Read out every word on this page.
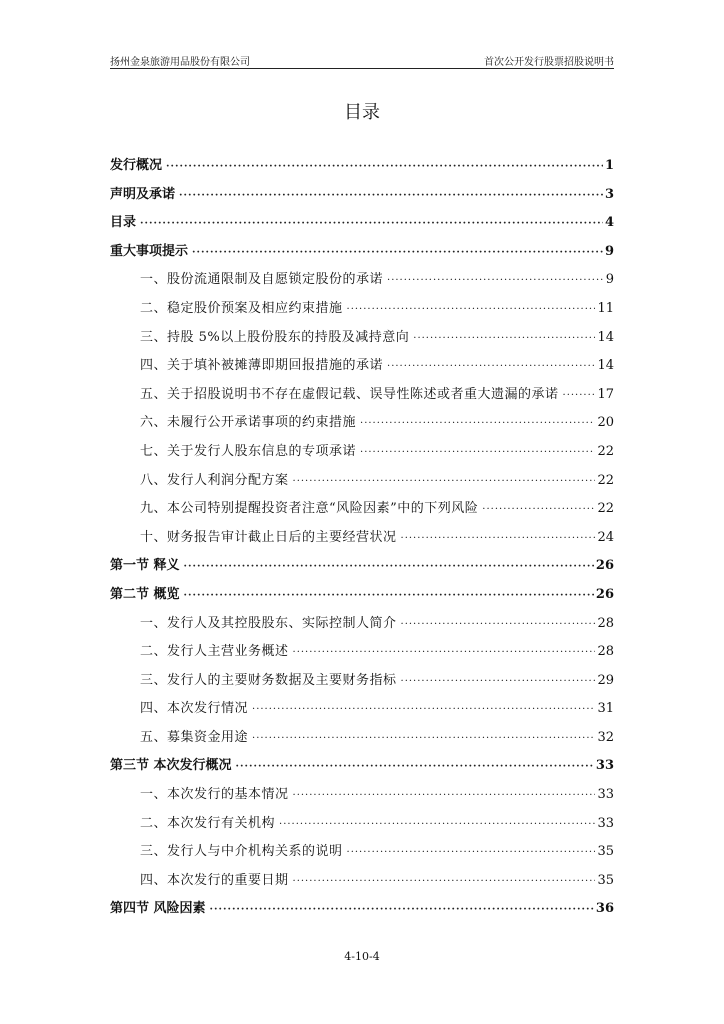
扬州金泉旅游用品股份有限公司	首次公开发行股票招股说明书
目录
发行概况 ·····	1
声明及承诺 ·····	3
目录 ·····	4
重大事项提示 ·····	9
一、股份流通限制及自愿锁定股份的承诺 ·····	9
二、稳定股价预案及相应约束措施 ·····	11
三、持股 5%以上股份股东的持股及减持意向 ·····	14
四、关于填补被摊薄即期回报措施的承诺 ·····	14
五、关于招股说明书不存在虚假记载、误导性陈述或者重大遗漏的承诺 ·····	17
六、未履行公开承诺事项的约束措施 ·····	20
七、关于发行人股东信息的专项承诺 ·····	22
八、发行人利润分配方案 ·····	22
九、本公司特别提醒投资者注意“风险因素”中的下列风险 ·····	22
十、财务报告审计截止日后的主要经营状况 ·····	24
第一节 释义 ·····	26
第二节 概览 ·····	26
一、发行人及其控股股东、实际控制人简介 ·····	28
二、发行人主营业务概述 ·····	28
三、发行人的主要财务数据及主要财务指标 ·····	29
四、本次发行情况 ·····	31
五、募集资金用途 ·····	32
第三节 本次发行概况 ·····	33
一、本次发行的基本情况 ·····	33
二、本次发行有关机构 ·····	33
三、发行人与中介机构关系的说明 ·····	35
四、本次发行的重要日期 ·····	35
第四节 风险因素 ·····	36
4-10-4
